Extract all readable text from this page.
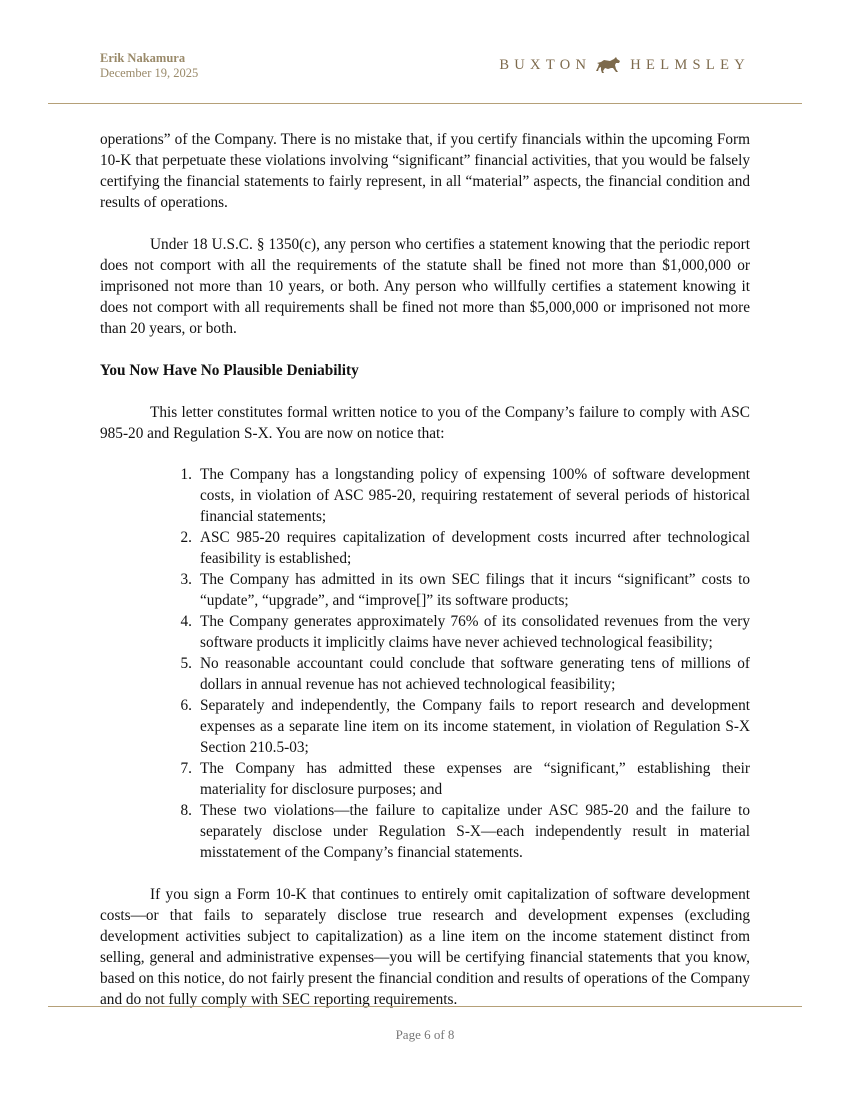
Erik Nakamura
December 19, 2025
BUXTON	HELMSLEY

operations” of the Company. There is no mistake that, if you certify financials within the upcoming Form 10-K that perpetuate these violations involving “significant” financial activities, that you would be falsely certifying the financial statements to fairly represent, in all “material” aspects, the financial condition and results of operations.

Under 18 U.S.C. § 1350(c), any person who certifies a statement knowing that the periodic report does not comport with all the requirements of the statute shall be fined not more than $1,000,000 or imprisoned not more than 10 years, or both. Any person who willfully certifies a statement knowing it does not comport with all requirements shall be fined not more than $5,000,000 or imprisoned not more than 20 years, or both.

You Now Have No Plausible Deniability

This letter constitutes formal written notice to you of the Company’s failure to comply with ASC 985-20 and Regulation S-X. You are now on notice that:

1. The Company has a longstanding policy of expensing 100% of software development costs, in violation of ASC 985-20, requiring restatement of several periods of historical financial statements;
2. ASC 985-20 requires capitalization of development costs incurred after technological feasibility is established;
3. The Company has admitted in its own SEC filings that it incurs “significant” costs to “update”, “upgrade”, and “improve[]” its software products;
4. The Company generates approximately 76% of its consolidated revenues from the very software products it implicitly claims have never achieved technological feasibility;
5. No reasonable accountant could conclude that software generating tens of millions of dollars in annual revenue has not achieved technological feasibility;
6. Separately and independently, the Company fails to report research and development expenses as a separate line item on its income statement, in violation of Regulation S-X Section 210.5-03;
7. The Company has admitted these expenses are “significant,” establishing their materiality for disclosure purposes; and
8. These two violations—the failure to capitalize under ASC 985-20 and the failure to separately disclose under Regulation S-X—each independently result in material misstatement of the Company’s financial statements.

If you sign a Form 10-K that continues to entirely omit capitalization of software development costs—or that fails to separately disclose true research and development expenses (excluding development activities subject to capitalization) as a line item on the income statement distinct from selling, general and administrative expenses—you will be certifying financial statements that you know, based on this notice, do not fairly present the financial condition and results of operations of the Company and do not fully comply with SEC reporting requirements.

Page 6 of 8
